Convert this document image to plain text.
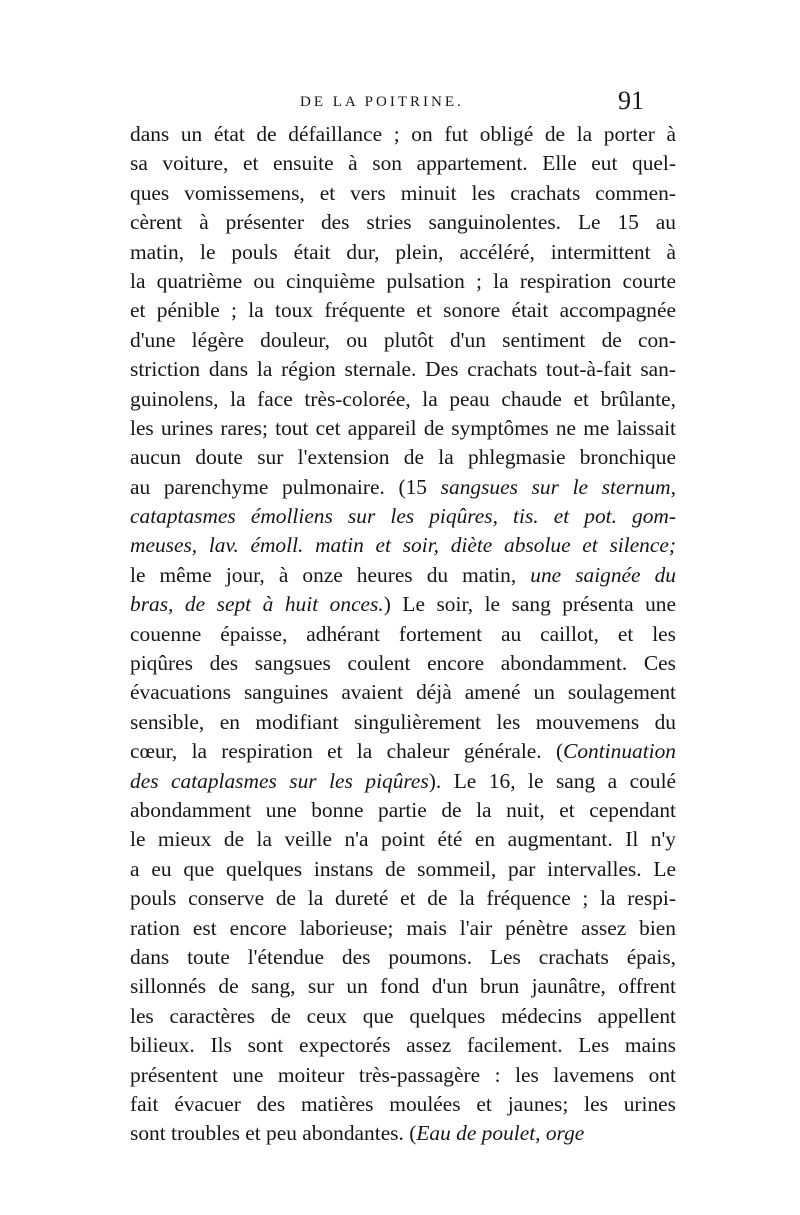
DE LA POITRINE.	91
dans un état de défaillance ; on fut obligé de la porter à
sa voiture, et ensuite à son appartement. Elle eut quel-
ques vomissemens, et vers minuit les crachats commen-
cèrent à présenter des stries sanguinolentes. Le 15 au
matin, le pouls était dur, plein, accéléré, intermittent à
la quatrième ou cinquième pulsation ; la respiration courte
et pénible ; la toux fréquente et sonore était accompagnée
d'une légère douleur, ou plutôt d'un sentiment de con-
striction dans la région sternale. Des crachats tout-à-fait san-
guinolens, la face très-colorée, la peau chaude et brûlante,
les urines rares; tout cet appareil de symptômes ne me laissait
aucun doute sur l'extension de la phlegmasie bronchique
au parenchyme pulmonaire. (15 sangsues sur le sternum,
cataptasmes émolliens sur les piqûres, tis. et pot. gom-
meuses, lav. émoll. matin et soir, diète absolue et silence;
le même jour, à onze heures du matin, une saignée du
bras, de sept à huit onces.) Le soir, le sang présenta une
couenne épaisse, adhérant fortement au caillot, et les
piqûres des sangsues coulent encore abondamment. Ces
évacuations sanguines avaient déjà amené un soulagement
sensible, en modifiant singulièrement les mouvemens du
cœur, la respiration et la chaleur générale. (Continuation
des cataplasmes sur les piqûres). Le 16, le sang a coulé
abondamment une bonne partie de la nuit, et cependant
le mieux de la veille n'a point été en augmentant. Il n'y
a eu que quelques instans de sommeil, par intervalles. Le
pouls conserve de la dureté et de la fréquence ; la respi-
ration est encore laborieuse; mais l'air pénètre assez bien
dans toute l'étendue des poumons. Les crachats épais,
sillonnés de sang, sur un fond d'un brun jaunâtre, offrent
les caractères de ceux que quelques médecins appellent
bilieux. Ils sont expectorés assez facilement. Les mains
présentent une moiteur très-passagère : les lavemens ont
fait évacuer des matières moulées et jaunes; les urines
sont troubles et peu abondantes. (Eau de poulet, orge
